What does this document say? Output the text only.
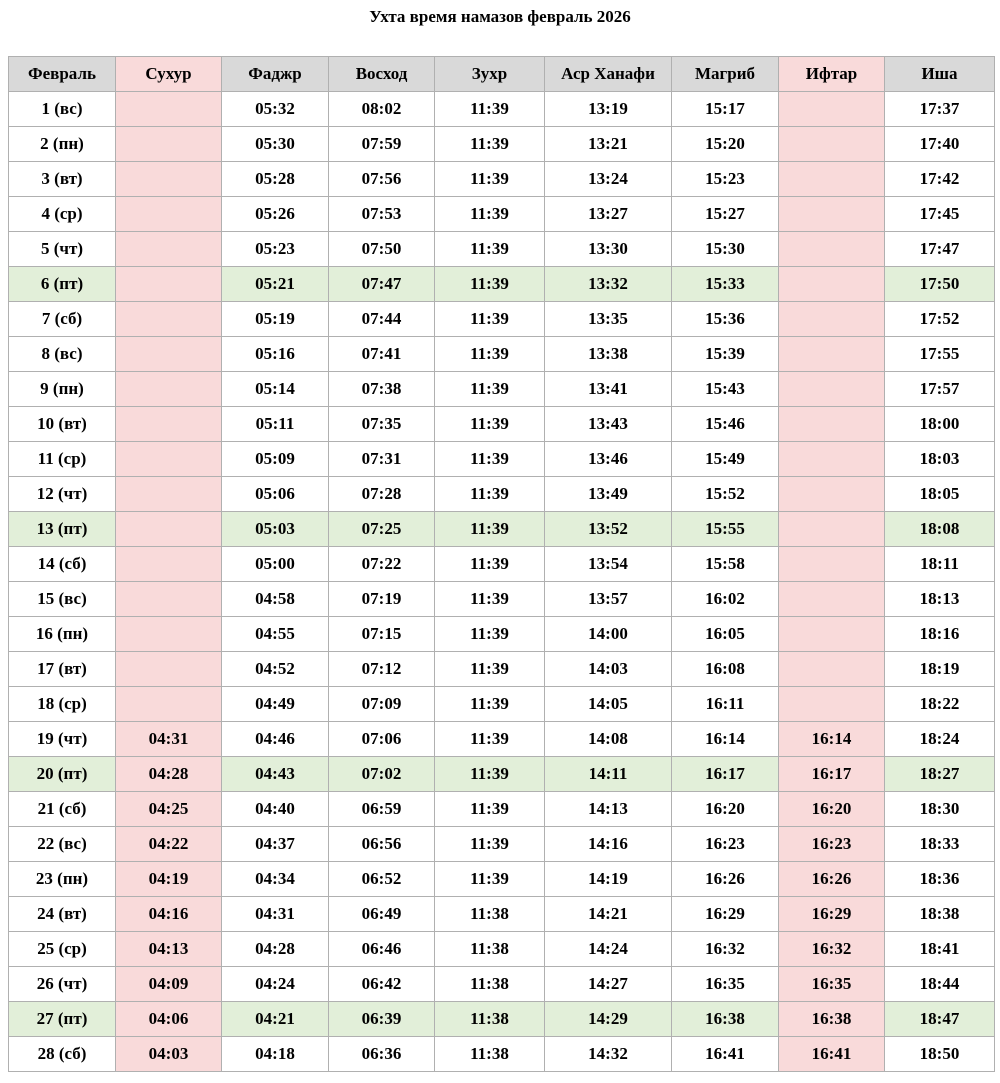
Ухта время намазов февраль 2026
Февраль	Сухур	Фаджр	Восход	Зухр	Аср Ханафи	Магриб	Ифтар	Иша
1 (вс)		05:32	08:02	11:39	13:19	15:17		17:37
2 (пн)		05:30	07:59	11:39	13:21	15:20		17:40
3 (вт)		05:28	07:56	11:39	13:24	15:23		17:42
4 (ср)		05:26	07:53	11:39	13:27	15:27		17:45
5 (чт)		05:23	07:50	11:39	13:30	15:30		17:47
6 (пт)		05:21	07:47	11:39	13:32	15:33		17:50
7 (сб)		05:19	07:44	11:39	13:35	15:36		17:52
8 (вс)		05:16	07:41	11:39	13:38	15:39		17:55
9 (пн)		05:14	07:38	11:39	13:41	15:43		17:57
10 (вт)		05:11	07:35	11:39	13:43	15:46		18:00
11 (ср)		05:09	07:31	11:39	13:46	15:49		18:03
12 (чт)		05:06	07:28	11:39	13:49	15:52		18:05
13 (пт)		05:03	07:25	11:39	13:52	15:55		18:08
14 (сб)		05:00	07:22	11:39	13:54	15:58		18:11
15 (вс)		04:58	07:19	11:39	13:57	16:02		18:13
16 (пн)		04:55	07:15	11:39	14:00	16:05		18:16
17 (вт)		04:52	07:12	11:39	14:03	16:08		18:19
18 (ср)		04:49	07:09	11:39	14:05	16:11		18:22
19 (чт)	04:31	04:46	07:06	11:39	14:08	16:14	16:14	18:24
20 (пт)	04:28	04:43	07:02	11:39	14:11	16:17	16:17	18:27
21 (сб)	04:25	04:40	06:59	11:39	14:13	16:20	16:20	18:30
22 (вс)	04:22	04:37	06:56	11:39	14:16	16:23	16:23	18:33
23 (пн)	04:19	04:34	06:52	11:39	14:19	16:26	16:26	18:36
24 (вт)	04:16	04:31	06:49	11:38	14:21	16:29	16:29	18:38
25 (ср)	04:13	04:28	06:46	11:38	14:24	16:32	16:32	18:41
26 (чт)	04:09	04:24	06:42	11:38	14:27	16:35	16:35	18:44
27 (пт)	04:06	04:21	06:39	11:38	14:29	16:38	16:38	18:47
28 (сб)	04:03	04:18	06:36	11:38	14:32	16:41	16:41	18:50
